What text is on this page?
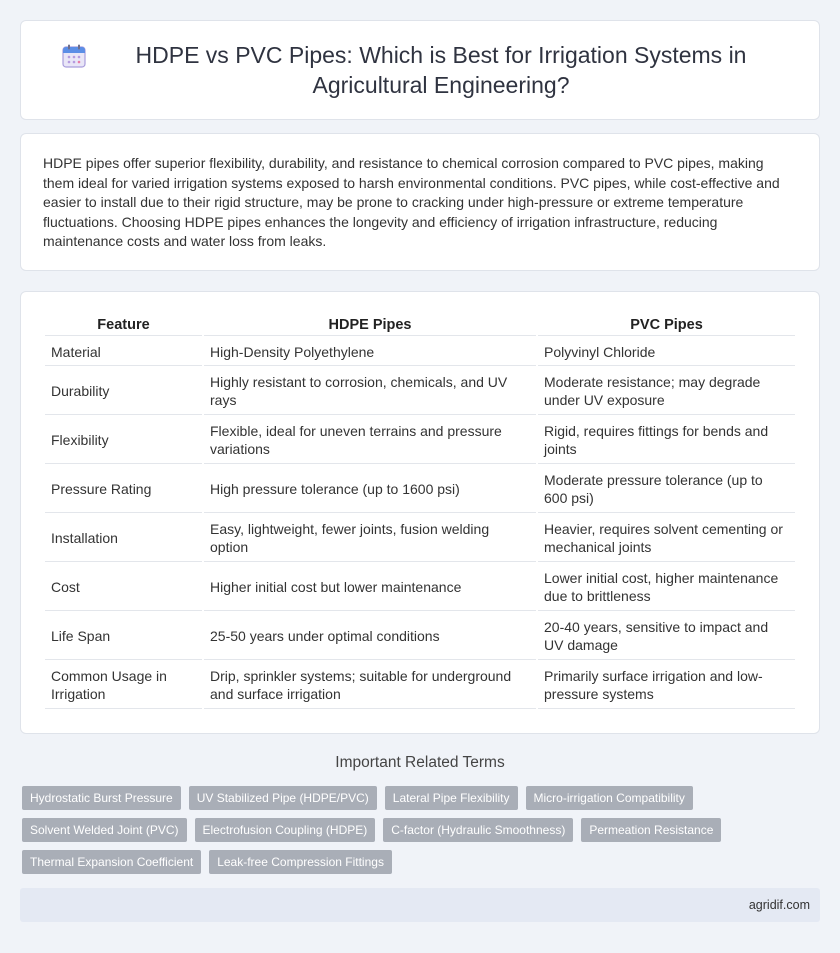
HDPE vs PVC Pipes: Which is Best for Irrigation Systems in Agricultural Engineering?

HDPE pipes offer superior flexibility, durability, and resistance to chemical corrosion compared to PVC pipes, making them ideal for varied irrigation systems exposed to harsh environmental conditions. PVC pipes, while cost-effective and easier to install due to their rigid structure, may be prone to cracking under high-pressure or extreme temperature fluctuations. Choosing HDPE pipes enhances the longevity and efficiency of irrigation infrastructure, reducing maintenance costs and water loss from leaks.

Feature	HDPE Pipes	PVC Pipes
Material	High-Density Polyethylene	Polyvinyl Chloride
Durability	Highly resistant to corrosion, chemicals, and UV rays	Moderate resistance; may degrade under UV exposure
Flexibility	Flexible, ideal for uneven terrains and pressure variations	Rigid, requires fittings for bends and joints
Pressure Rating	High pressure tolerance (up to 1600 psi)	Moderate pressure tolerance (up to 600 psi)
Installation	Easy, lightweight, fewer joints, fusion welding option	Heavier, requires solvent cementing or mechanical joints
Cost	Higher initial cost but lower maintenance	Lower initial cost, higher maintenance due to brittleness
Life Span	25-50 years under optimal conditions	20-40 years, sensitive to impact and UV damage
Common Usage in Irrigation	Drip, sprinkler systems; suitable for underground and surface irrigation	Primarily surface irrigation and low-pressure systems
Important Related Terms
Hydrostatic Burst Pressure	UV Stabilized Pipe (HDPE/PVC)	Lateral Pipe Flexibility	Micro-irrigation Compatibility
Solvent Welded Joint (PVC)	Electrofusion Coupling (HDPE)	C-factor (Hydraulic Smoothness)	Permeation Resistance
Thermal Expansion Coefficient	Leak-free Compression Fittings
agridif.com
